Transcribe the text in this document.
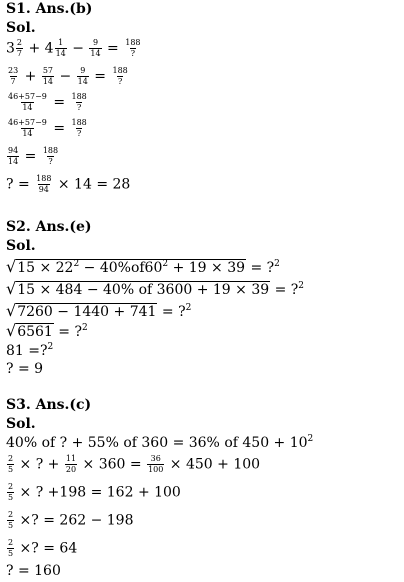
S1. Ans.(b)
Sol.
$3 \frac{2}{7} + 4 \frac{1}{14} - \frac{9}{14} = 188$
?
$\frac{23}{7} + \frac{57}{14} - \frac{9}{14} = 188$
?
$\frac{46+57-9}{14} = 188$
?
$\frac{46+57-9}{14} = 188$
?
$\frac{94}{14} = 188$
?
? = $\frac{188}{94} \times 14 = 28$
S2. Ans.(e)
Sol.
$√15 \times 22^2 - 40\%of60^2 + 19 \times 39$ = ?$^2$
√15 × 484 − 40% of 3600 + 19 × 39 = ?$^2$
√7260 − 1440 + 741 = ?$^2$
√6561 = ?$^2$
81 =?$^2$
? = 9
S3. Ans.(c)
Sol.
40% of ? + 55% of 360 = 36% of $450 + 10^2$
$\frac{2}{5}$ × ? + $\frac{11}{20} \times 360 = \frac{36}{100} \times 450 + 100$
$\frac{2}{5}$ × ? +198 = 162 + 100
$\frac{2}{5}$ ×? = 262 − 198
$\frac{2}{5}$ ×? = 64
? = 160
